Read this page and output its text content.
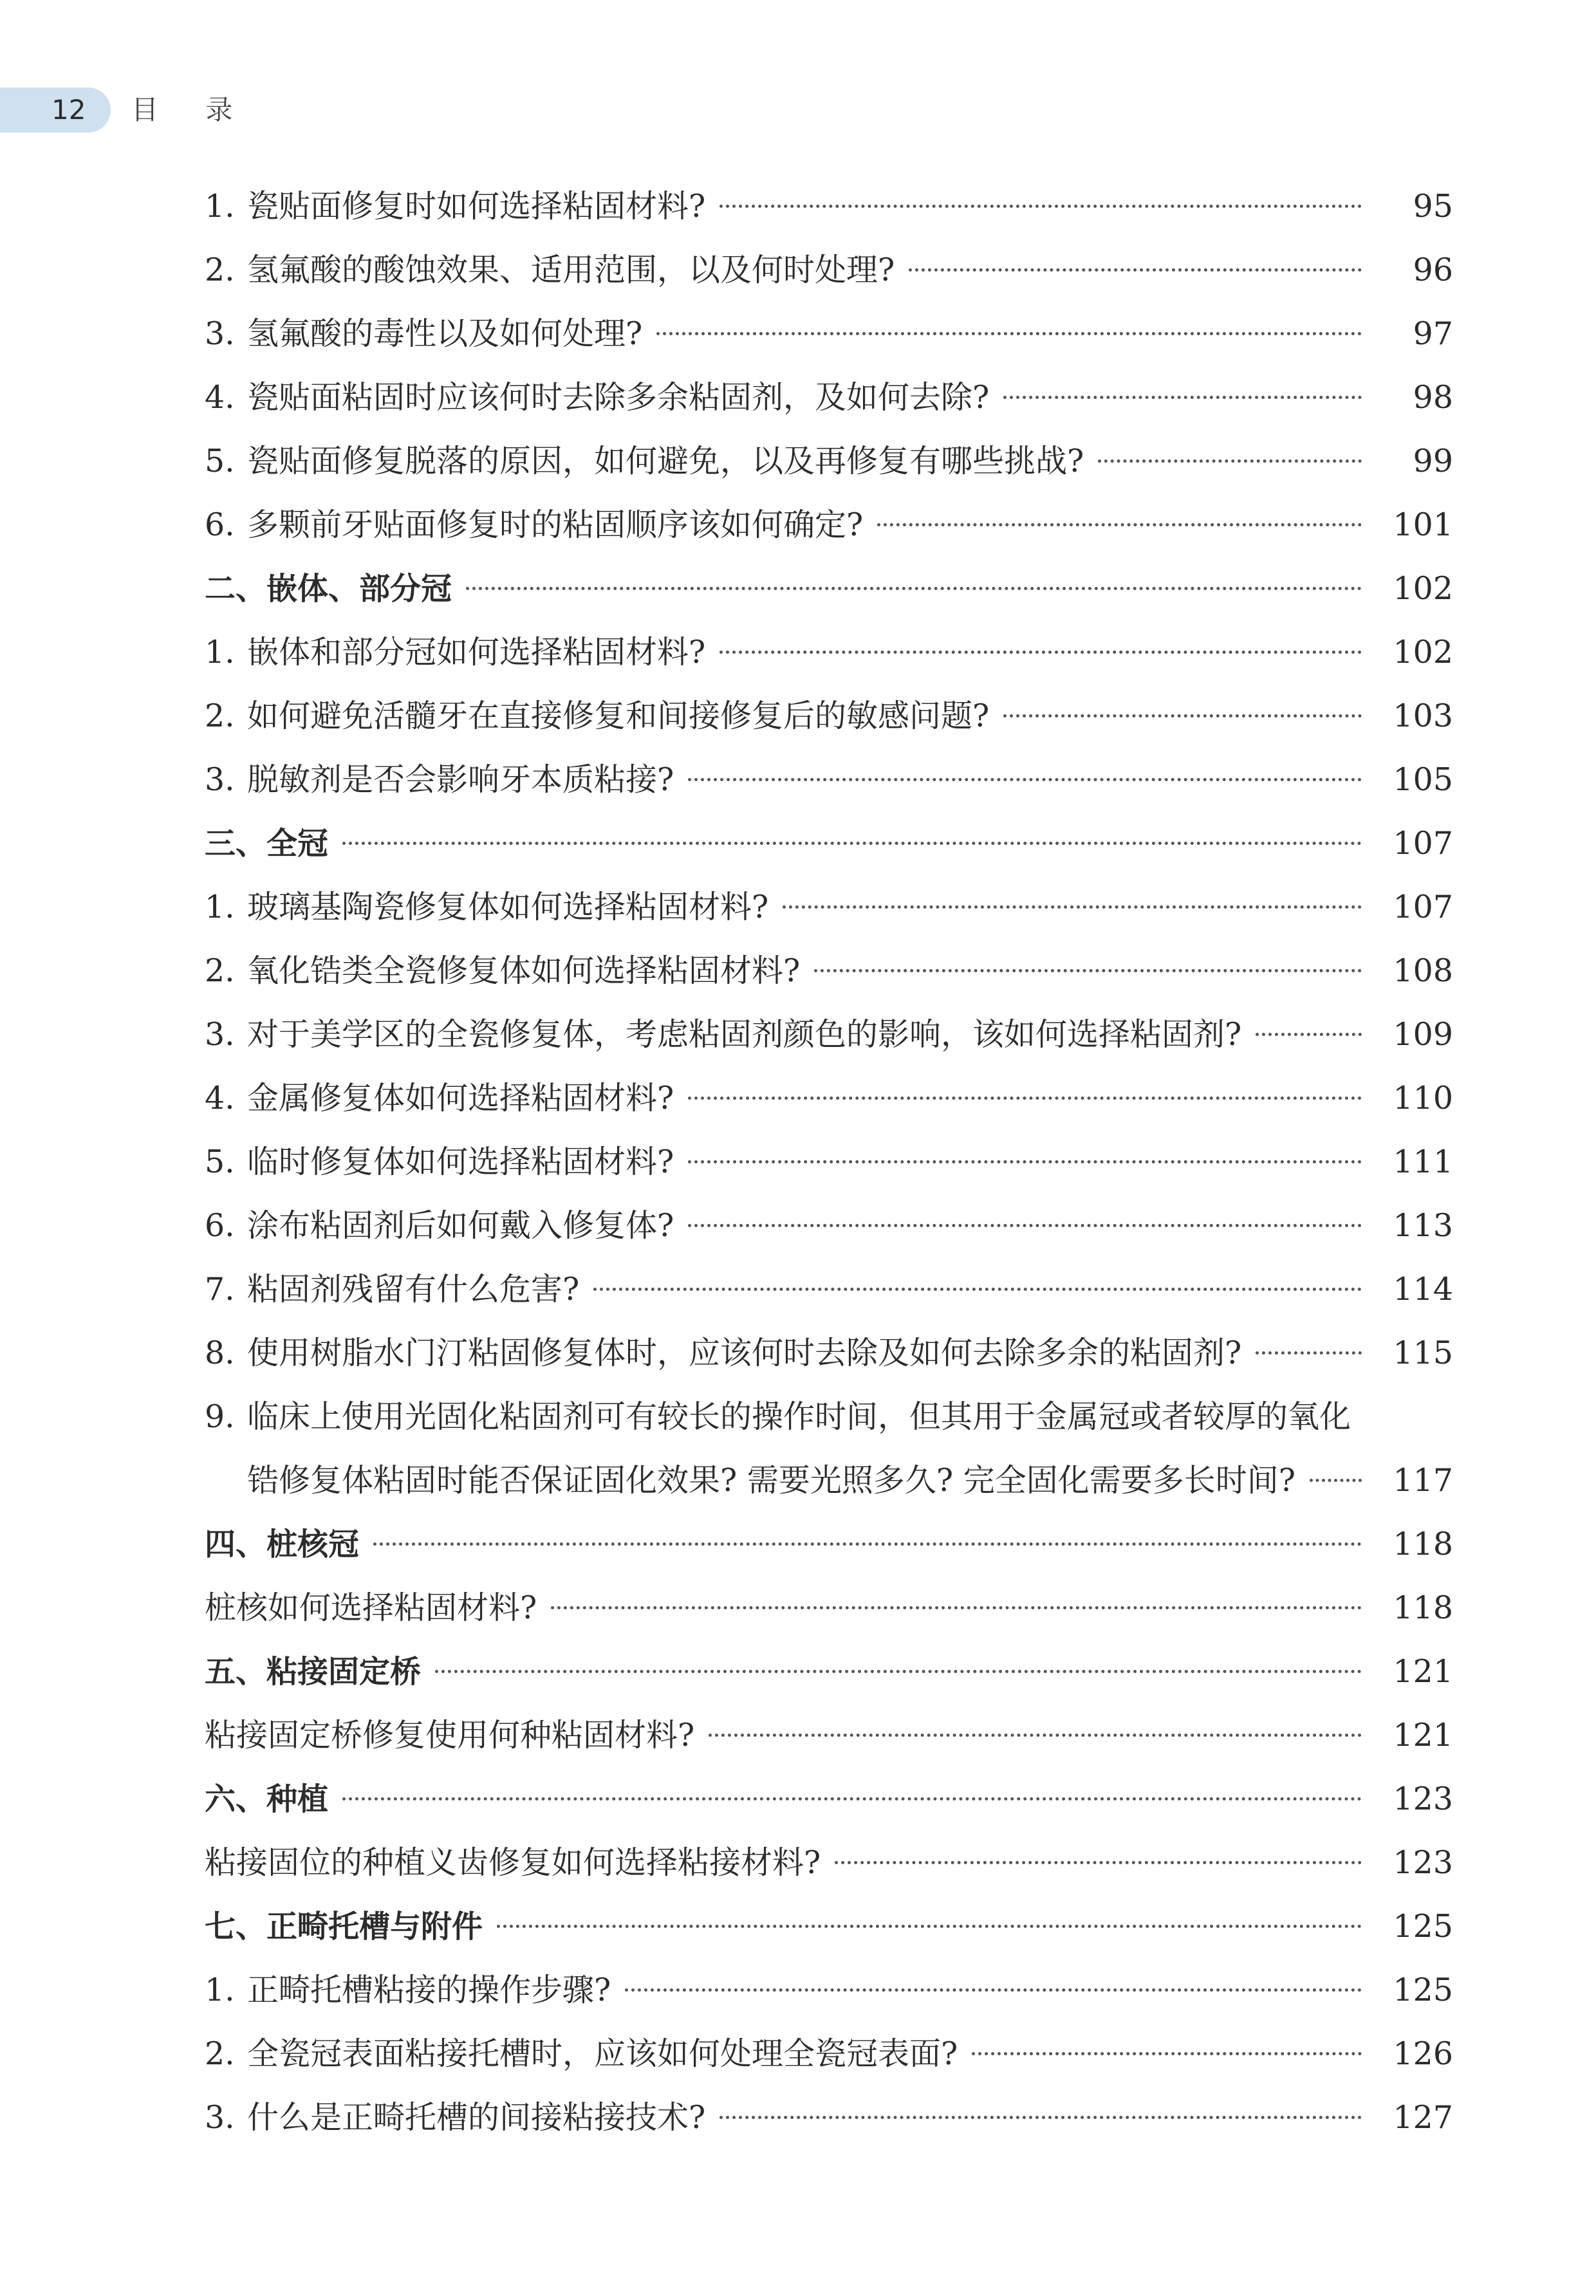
12 目 录
1. 瓷贴面修复时如何选择粘固材料?	95
2. 氢氟酸的酸蚀效果、适用范围，以及何时处理?	96
3. 氢氟酸的毒性以及如何处理?	97
4. 瓷贴面粘固时应该何时去除多余粘固剂，及如何去除?	98
5. 瓷贴面修复脱落的原因，如何避免，以及再修复有哪些挑战?	99
6. 多颗前牙贴面修复时的粘固顺序该如何确定?	101
二、嵌体、部分冠	102
1. 嵌体和部分冠如何选择粘固材料?	102
2. 如何避免活髓牙在直接修复和间接修复后的敏感问题?	103
3. 脱敏剂是否会影响牙本质粘接?	105
三、全冠	107
1. 玻璃基陶瓷修复体如何选择粘固材料?	107
2. 氧化锆类全瓷修复体如何选择粘固材料?	108
3. 对于美学区的全瓷修复体，考虑粘固剂颜色的影响，该如何选择粘固剂?	109
4. 金属修复体如何选择粘固材料?	110
5. 临时修复体如何选择粘固材料?	111
6. 涂布粘固剂后如何戴入修复体?	113
7. 粘固剂残留有什么危害?	114
8. 使用树脂水门汀粘固修复体时，应该何时去除及如何去除多余的粘固剂?	115
9. 临床上使用光固化粘固剂可有较长的操作时间，但其用于金属冠或者较厚的氧化
锆修复体粘固时能否保证固化效果? 需要光照多久? 完全固化需要多长时间?	117
四、桩核冠	118
桩核如何选择粘固材料?	118
五、粘接固定桥	121
粘接固定桥修复使用何种粘固材料?	121
六、种植	123
粘接固位的种植义齿修复如何选择粘接材料?	123
七、正畸托槽与附件	125
1. 正畸托槽粘接的操作步骤?	125
2. 全瓷冠表面粘接托槽时，应该如何处理全瓷冠表面?	126
3. 什么是正畸托槽的间接粘接技术?	127
